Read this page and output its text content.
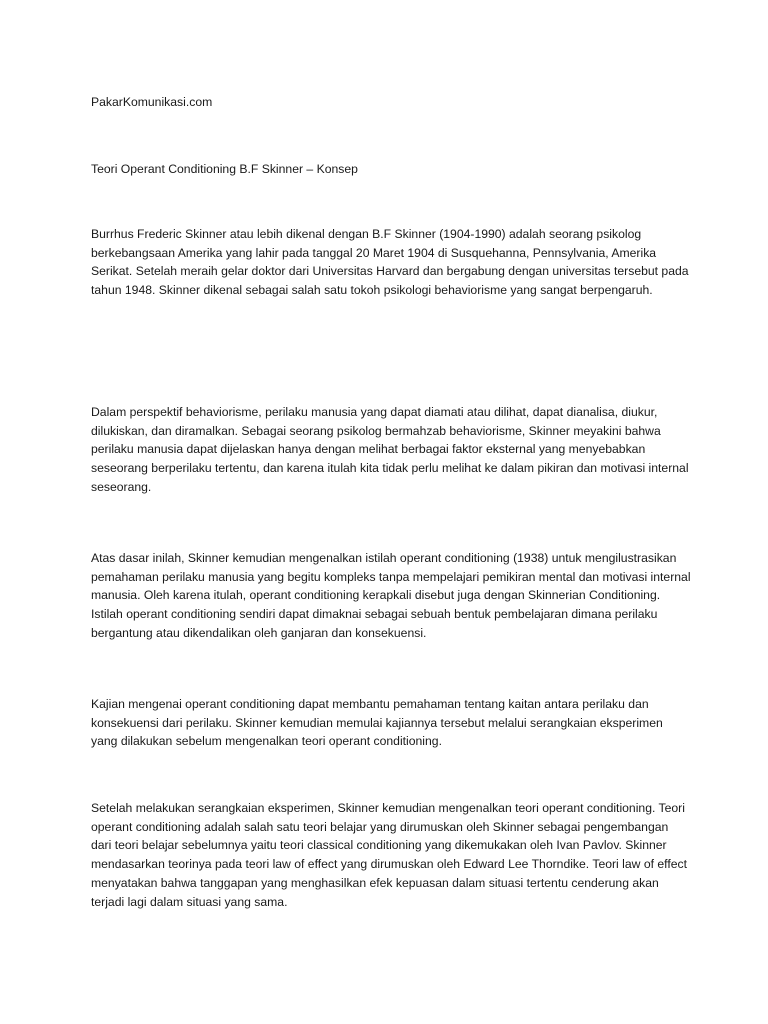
PakarKomunikasi.com

Teori Operant Conditioning B.F Skinner – Konsep

Burrhus Frederic Skinner atau lebih dikenal dengan B.F Skinner (1904-1990) adalah seorang psikolog berkebangsaan Amerika yang lahir pada tanggal 20 Maret 1904 di Susquehanna, Pennsylvania, Amerika Serikat. Setelah meraih gelar doktor dari Universitas Harvard dan bergabung dengan universitas tersebut pada tahun 1948. Skinner dikenal sebagai salah satu tokoh psikologi behaviorisme yang sangat berpengaruh.

Dalam perspektif behaviorisme, perilaku manusia yang dapat diamati atau dilihat, dapat dianalisa, diukur, dilukiskan, dan diramalkan. Sebagai seorang psikolog bermahzab behaviorisme, Skinner meyakini bahwa perilaku manusia dapat dijelaskan hanya dengan melihat berbagai faktor eksternal yang menyebabkan seseorang berperilaku tertentu, dan karena itulah kita tidak perlu melihat ke dalam pikiran dan motivasi internal seseorang.

Atas dasar inilah, Skinner kemudian mengenalkan istilah operant conditioning (1938) untuk mengilustrasikan pemahaman perilaku manusia yang begitu kompleks tanpa mempelajari pemikiran mental dan motivasi internal manusia. Oleh karena itulah, operant conditioning kerapkali disebut juga dengan Skinnerian Conditioning. Istilah operant conditioning sendiri dapat dimaknai sebagai sebuah bentuk pembelajaran dimana perilaku bergantung atau dikendalikan oleh ganjaran dan konsekuensi.

Kajian mengenai operant conditioning dapat membantu pemahaman tentang kaitan antara perilaku dan konsekuensi dari perilaku. Skinner kemudian memulai kajiannya tersebut melalui serangkaian eksperimen yang dilakukan sebelum mengenalkan teori operant conditioning.

Setelah melakukan serangkaian eksperimen, Skinner kemudian mengenalkan teori operant conditioning. Teori operant conditioning adalah salah satu teori belajar yang dirumuskan oleh Skinner sebagai pengembangan dari teori belajar sebelumnya yaitu teori classical conditioning yang dikemukakan oleh Ivan Pavlov. Skinner mendasarkan teorinya pada teori law of effect yang dirumuskan oleh Edward Lee Thorndike. Teori law of effect menyatakan bahwa tanggapan yang menghasilkan efek kepuasan dalam situasi tertentu cenderung akan terjadi lagi dalam situasi yang sama.
